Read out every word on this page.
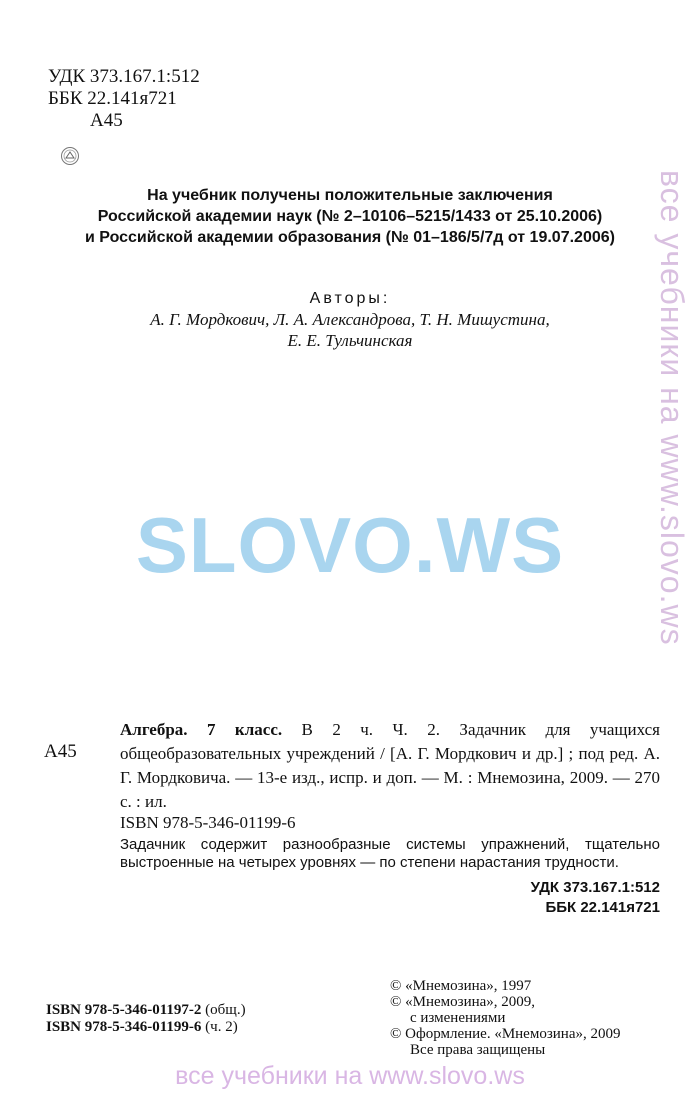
УДК 373.167.1:512
ББК 22.141я721
А45
На учебник получены положительные заключения
Российской академии наук (№ 2–10106–5215/1433 от 25.10.2006)
и Российской академии образования (№ 01–186/5/7д от 19.07.2006)
Авторы:
А. Г. Мордкович, Л. А. Александрова, Т. Н. Мишустина,
Е. Е. Тульчинская
SLOVO.WS	все учебники на www.slovo.ws
А45
Алгебра. 7 класс. В 2 ч. Ч. 2. Задачник для учащихся общеобразовательных учреждений / [А. Г. Мордкович и др.] ; под ред. А. Г. Мордковича. — 13-е изд., испр. и доп. — М. : Мнемозина, 2009. — 270 с. : ил.
ISBN 978-5-346-01199-6
Задачник содержит разнообразные системы упражнений, тщательно выстроенные на четырех уровнях — по степени нарастания трудности.
УДК 373.167.1:512
ББК 22.141я721
© «Мнемозина», 1997
© «Мнемозина», 2009,
с изменениями
© Оформление. «Мнемозина», 2009
Все права защищены
ISBN 978-5-346-01197-2 (общ.)
ISBN 978-5-346-01199-6 (ч. 2)
все учебники на www.slovo.ws
